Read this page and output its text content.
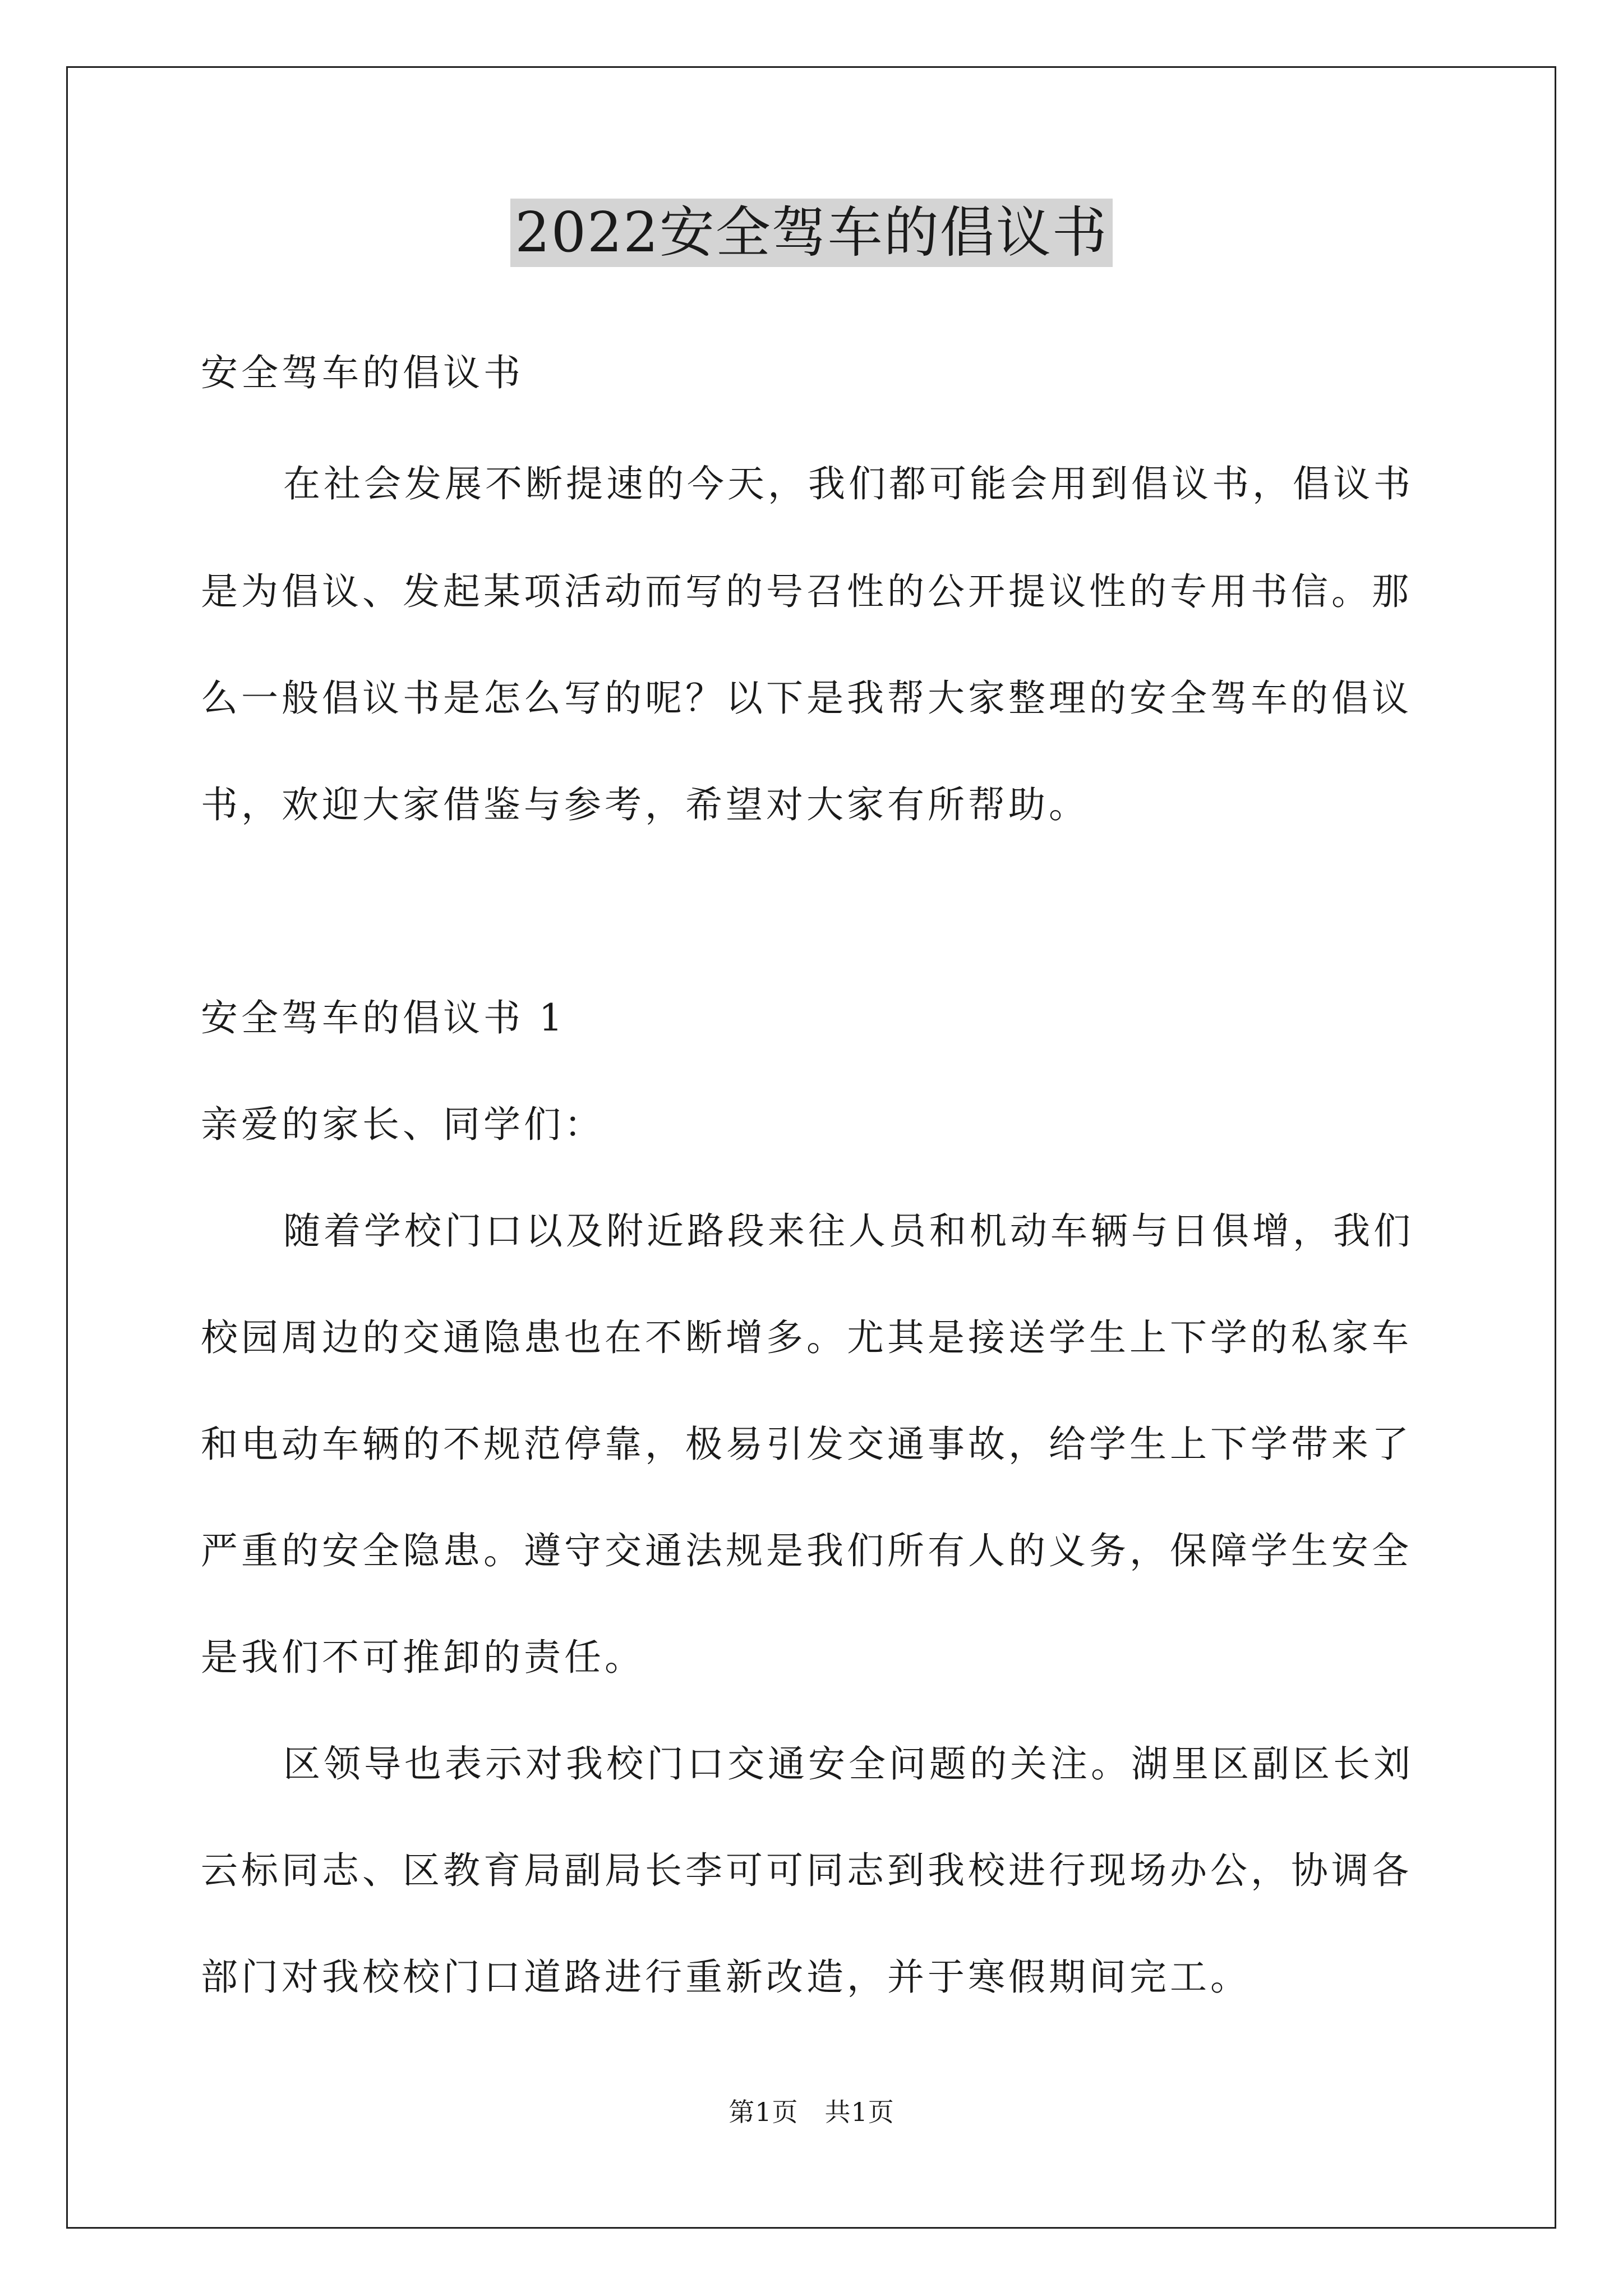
2022安全驾车的倡议书

安全驾车的倡议书

在社会发展不断提速的今天，我们都可能会用到倡议书，倡议书

是为倡议、发起某项活动而写的号召性的公开提议性的专用书信。那

么一般倡议书是怎么写的呢？以下是我帮大家整理的安全驾车的倡议

书，欢迎大家借鉴与参考，希望对大家有所帮助。

安全驾车的倡议书 1

亲爱的家长、同学们：

随着学校门口以及附近路段来往人员和机动车辆与日俱增，我们

校园周边的交通隐患也在不断增多。尤其是接送学生上下学的私家车

和电动车辆的不规范停靠，极易引发交通事故，给学生上下学带来了

严重的安全隐患。遵守交通法规是我们所有人的义务，保障学生安全

是我们不可推卸的责任。

区领导也表示对我校门口交通安全问题的关注。湖里区副区长刘

云标同志、区教育局副局长李可可同志到我校进行现场办公，协调各

部门对我校校门口道路进行重新改造，并于寒假期间完工。

第1页　共1页
